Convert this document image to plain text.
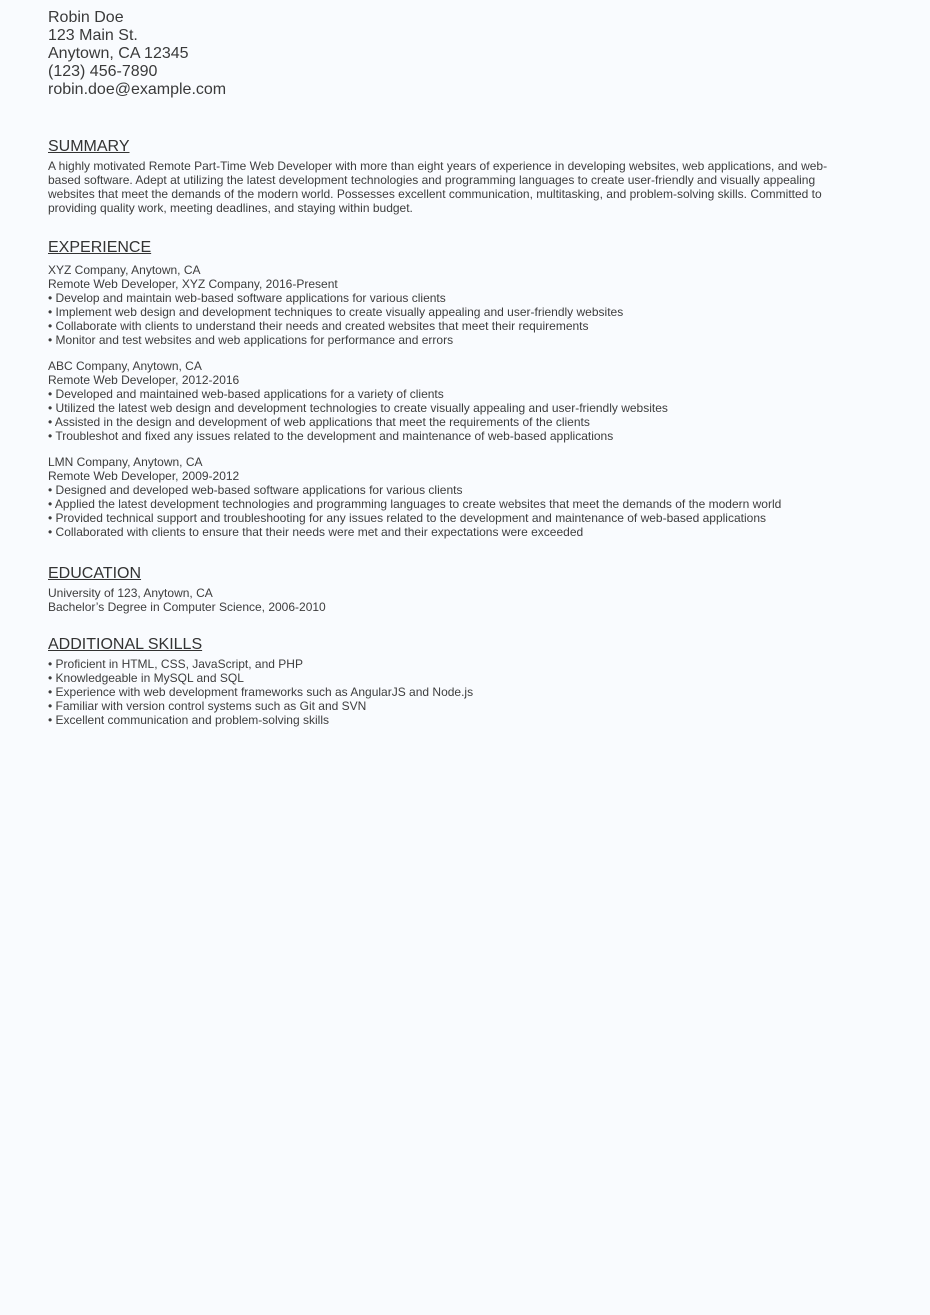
Robin Doe
123 Main St.
Anytown, CA 12345
(123) 456-7890
robin.doe@example.com
SUMMARY
A highly motivated Remote Part-Time Web Developer with more than eight years of experience in developing websites, web applications, and web-based software. Adept at utilizing the latest development technologies and programming languages to create user-friendly and visually appealing websites that meet the demands of the modern world. Possesses excellent communication, multitasking, and problem-solving skills. Committed to providing quality work, meeting deadlines, and staying within budget.
EXPERIENCE
XYZ Company, Anytown, CA
Remote Web Developer, XYZ Company, 2016-Present
• Develop and maintain web-based software applications for various clients
• Implement web design and development techniques to create visually appealing and user-friendly websites
• Collaborate with clients to understand their needs and created websites that meet their requirements
• Monitor and test websites and web applications for performance and errors
ABC Company, Anytown, CA
Remote Web Developer, 2012-2016
• Developed and maintained web-based applications for a variety of clients
• Utilized the latest web design and development technologies to create visually appealing and user-friendly websites
• Assisted in the design and development of web applications that meet the requirements of the clients
• Troubleshot and fixed any issues related to the development and maintenance of web-based applications
LMN Company, Anytown, CA
Remote Web Developer, 2009-2012
• Designed and developed web-based software applications for various clients
• Applied the latest development technologies and programming languages to create websites that meet the demands of the modern world
• Provided technical support and troubleshooting for any issues related to the development and maintenance of web-based applications
• Collaborated with clients to ensure that their needs were met and their expectations were exceeded
EDUCATION
University of 123, Anytown, CA
Bachelor’s Degree in Computer Science, 2006-2010
ADDITIONAL SKILLS
• Proficient in HTML, CSS, JavaScript, and PHP
• Knowledgeable in MySQL and SQL
• Experience with web development frameworks such as AngularJS and Node.js
• Familiar with version control systems such as Git and SVN
• Excellent communication and problem-solving skills
